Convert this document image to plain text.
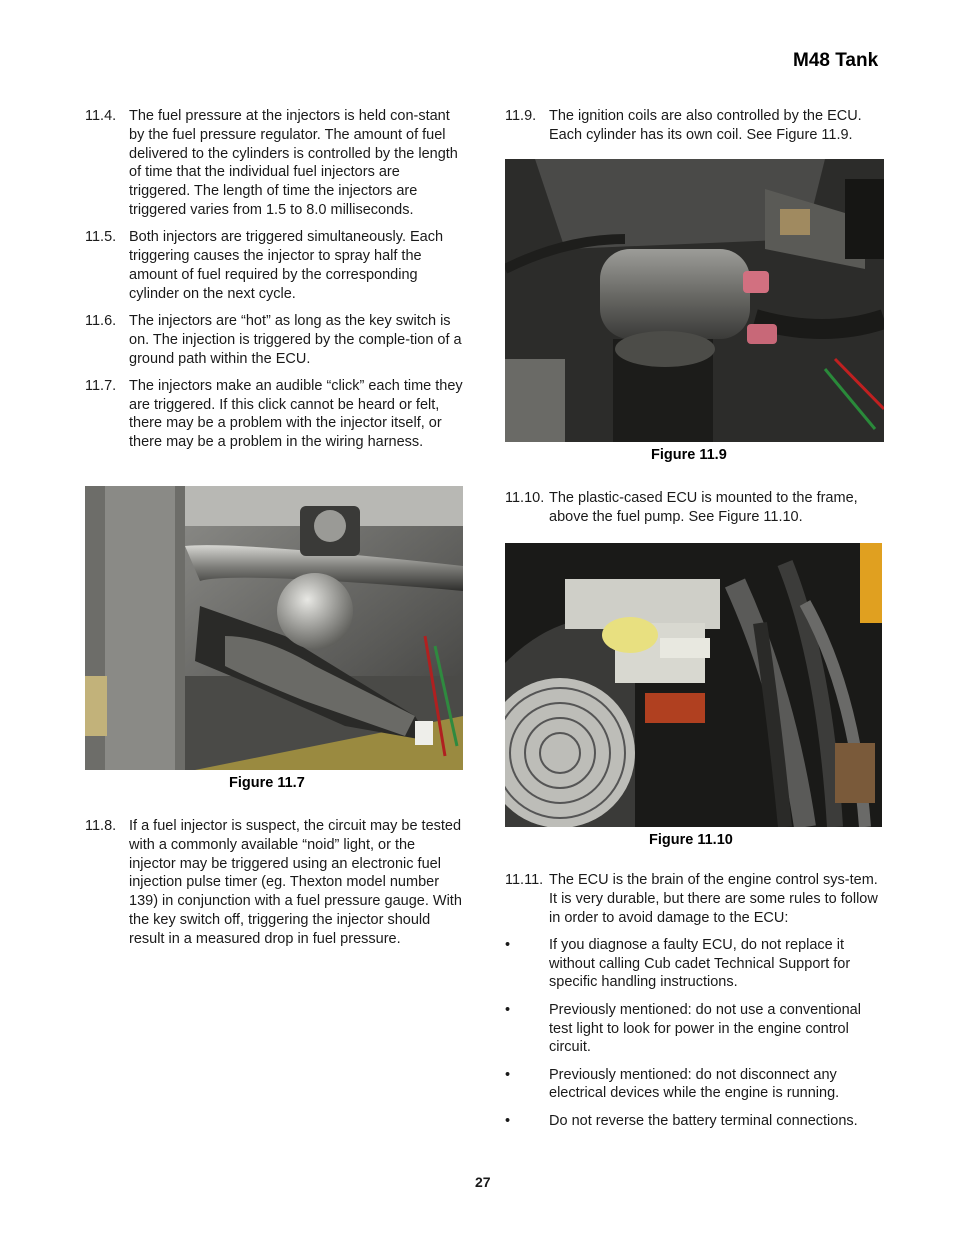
M48 Tank
11.4. The fuel pressure at the injectors is held con-stant by the fuel pressure regulator. The amount of fuel delivered to the cylinders is controlled by the length of time that the individual fuel injectors are triggered. The length of time the injectors are triggered varies from 1.5 to 8.0 milliseconds.
11.5. Both injectors are triggered simultaneously. Each triggering causes the injector to spray half the amount of fuel required by the corresponding cylinder on the next cycle.
11.6. The injectors are “hot” as long as the key switch is on. The injection is triggered by the comple-tion of a ground path within the ECU.
11.7. The injectors make an audible “click” each time they are triggered. If this click cannot be heard or felt, there may be a problem with the injector itself, or there may be a problem in the wiring harness.
Figure 11.7
11.8. If a fuel injector is suspect, the circuit may be tested with a commonly available “noid” light, or the injector may be triggered using an electronic fuel injection pulse timer (eg. Thexton model number 139) in conjunction with a fuel pressure gauge. With the key switch off, triggering the injector should result in a measured drop in fuel pressure.
11.9. The ignition coils are also controlled by the ECU. Each cylinder has its own coil. See Figure 11.9.
Figure 11.9
11.10. The plastic-cased ECU is mounted to the frame, above the fuel pump. See Figure 11.10.
Figure 11.10
11.11. The ECU is the brain of the engine control sys-tem. It is very durable, but there are some rules to follow in order to avoid damage to the ECU:
•	If you diagnose a faulty ECU, do not replace it without calling Cub cadet Technical Support for specific handling instructions.
•	Previously mentioned: do not use a conventional test light to look for power in the engine control circuit.
•	Previously mentioned: do not disconnect any electrical devices while the engine is running.
•	Do not reverse the battery terminal connections.
27
